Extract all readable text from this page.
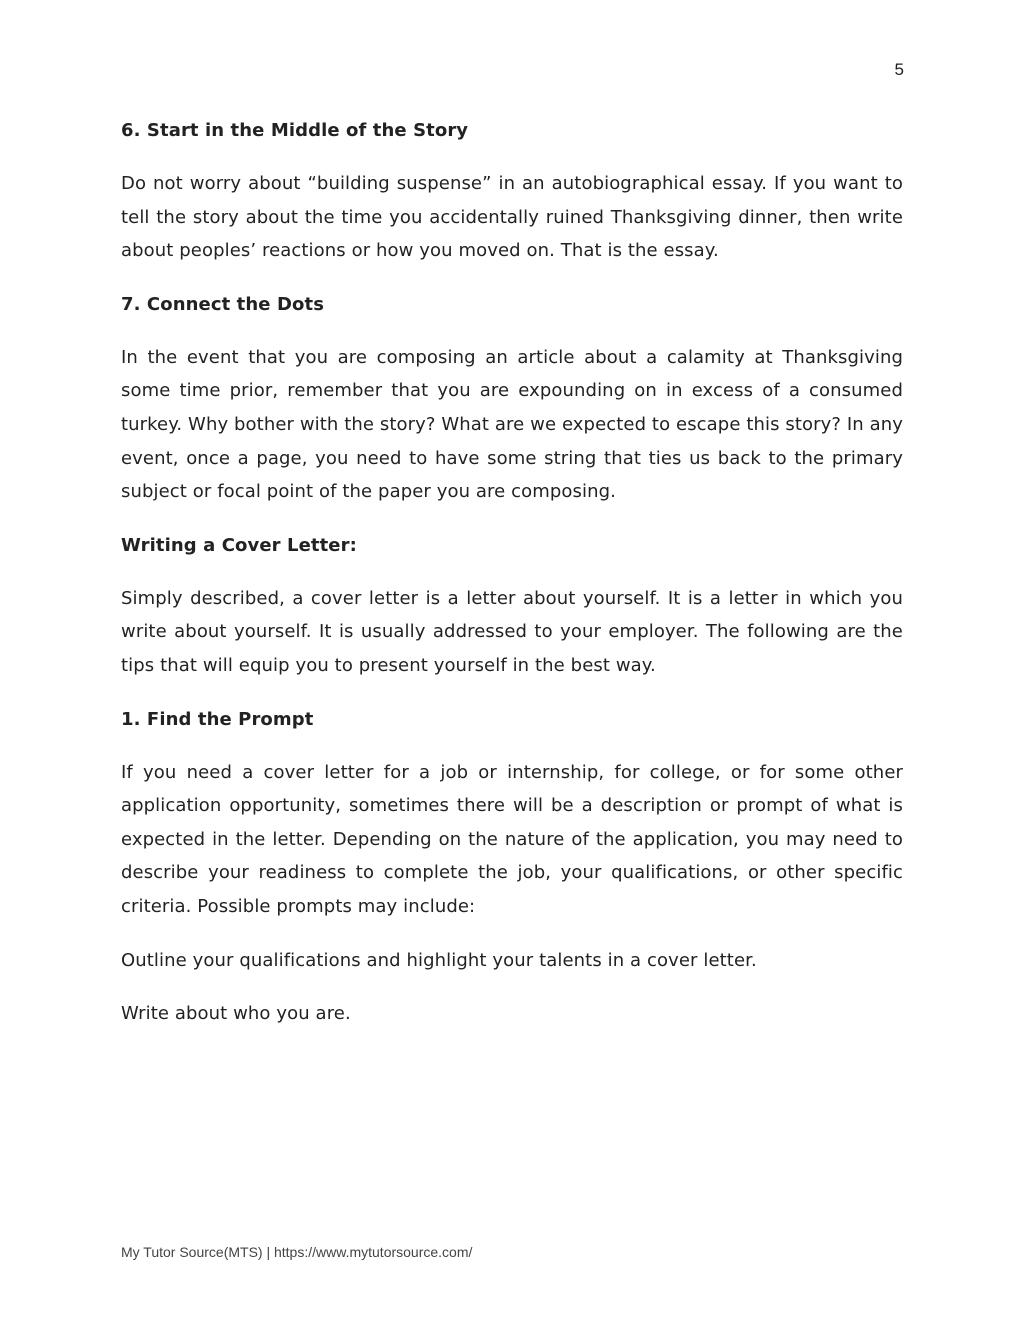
5
6. Start in the Middle of the Story

Do not worry about “building suspense” in an autobiographical essay. If you want to tell the story about the time you accidentally ruined Thanksgiving dinner, then write about peoples’ reactions or how you moved on. That is the essay.

7. Connect the Dots

In the event that you are composing an article about a calamity at Thanksgiving some time prior, remember that you are expounding on in excess of a consumed turkey. Why bother with the story? What are we expected to escape this story? In any event, once a page, you need to have some string that ties us back to the primary subject or focal point of the paper you are composing.

Writing a Cover Letter:

Simply described, a cover letter is a letter about yourself. It is a letter in which you write about yourself. It is usually addressed to your employer. The following are the tips that will equip you to present yourself in the best way.

1. Find the Prompt

If you need a cover letter for a job or internship, for college, or for some other application opportunity, sometimes there will be a description or prompt of what is expected in the letter. Depending on the nature of the application, you may need to describe your readiness to complete the job, your qualifications, or other specific criteria. Possible prompts may include:

Outline your qualifications and highlight your talents in a cover letter.

Write about who you are.

My Tutor Source(MTS) | https://www.mytutorsource.com/
